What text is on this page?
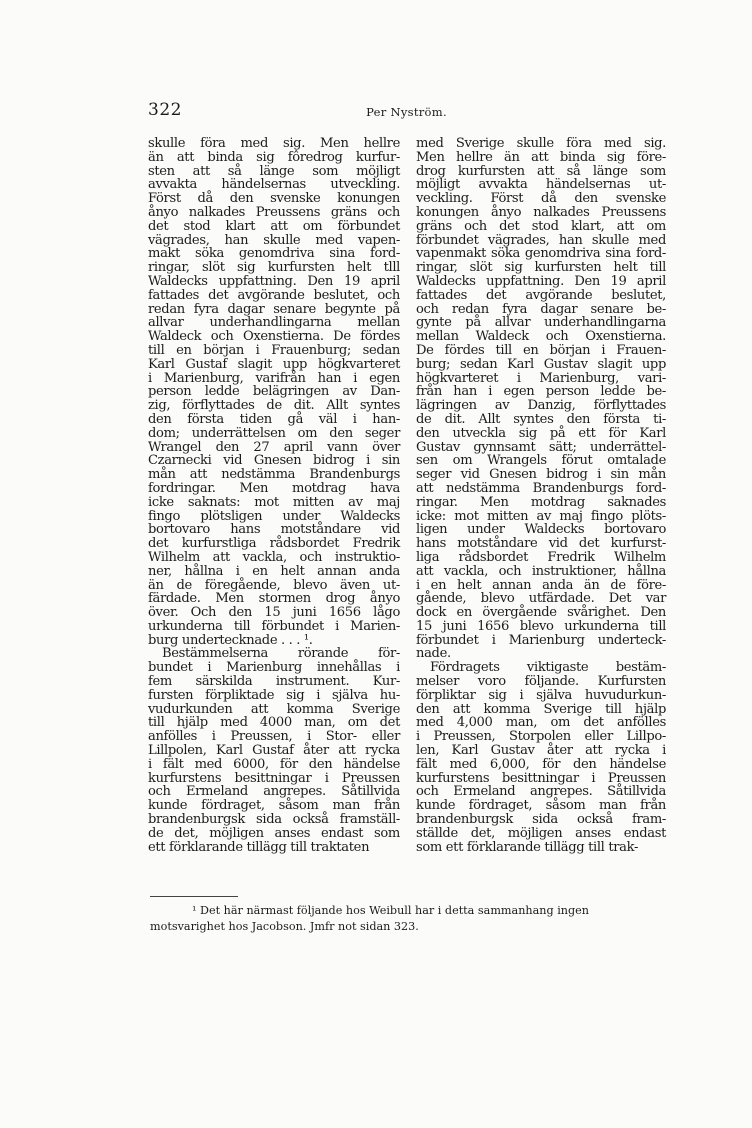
322	Per Nyström.
skulle föra med sig. Men hellre
än att binda sig fôredrog kurfur-
sten att så länge som möjligt
avvakta händelsernas utveckling.
Först då den svenske konungen
ånyo nalkades Preussens gräns och
det stod klart att om förbundet
vägrades, han skulle med vapen-
makt söka genomdriva sina ford-
ringar, slöt sig kurfursten helt tlll
Waldecks uppfattning. Den 19 april
fattades det avgörande beslutet, och
redan fyra dagar senare begynte på
allvar underhandlingarna mellan
Waldeck och Oxenstierna. De fördes
till en början i Frauenburg; sedan
Karl Gustaf slagit upp högkvarteret
i Marienburg, varifrån han i egen
person ledde belägringen av Dan-
zig, förflyttades de dit. Allt syntes
den första tiden gå väl i han-
dom; underrättelsen om den seger
Wrangel den 27 april vann över
Czarnecki vid Gnesen bidrog i sin
mån att nedstämma Brandenburgs
fordringar. Men motdrag hava
icke saknats: mot mitten av maj
fingo plötsligen under Waldecks
bortovaro hans motståndare vid
det kurfurstliga rådsbordet Fredrik
Wilhelm att vackla, och instruktio-
ner, hållna i en helt annan anda
än de föregående, blevo även ut-
färdade. Men stormen drog ånyo
över. Och den 15 juni 1656 lågo
urkunderna till förbundet i Marien-
burg undertecknade . . . ¹.
Bestämmelserna rörande för-
bundet i Marienburg innehållas i
fem särskilda instrument. Kur-
fursten förpliktade sig i själva hu-
vudurkunden att komma Sverige
till hjälp med 4000 man, om det
anfölles i Preussen, i Stor- eller
Lillpolen, Karl Gustaf åter att rycka
i fält med 6000, för den händelse
kurfurstens besittningar i Preussen
och Ermeland angrepes. Såtillvida
kunde fördraget, såsom man från
brandenburgsk sida också framställ-
de det, möjligen anses endast som
ett förklarande tillägg till traktaten
med Sverige skulle föra med sig.
Men hellre än att binda sig före-
drog kurfursten att så länge som
möjligt avvakta händelsernas ut-
veckling. Först då den svenske
konungen ånyo nalkades Preussens
gräns och det stod klart, att om
förbundet vägrades, han skulle med
vapenmakt söka genomdriva sina ford-
ringar, slöt sig kurfursten helt till
Waldecks uppfattning. Den 19 april
fattades det avgörande beslutet,
och redan fyra dagar senare be-
gynte på allvar underhandlingarna
mellan Waldeck och Oxenstierna.
De fördes till en början i Frauen-
burg; sedan Karl Gustav slagit upp
högkvarteret i Marienburg, vari-
från han i egen person ledde be-
lägringen av Danzig, förflyttades
de dit. Allt syntes den första ti-
den utveckla sig på ett för Karl
Gustav gynnsamt sätt; underrättel-
sen om Wrangels förut omtalade
seger vid Gnesen bidrog i sin mån
att nedstämma Brandenburgs ford-
ringar. Men motdrag saknades
icke: mot mitten av maj fingo plöts-
ligen under Waldecks bortovaro
hans motståndare vid det kurfurst-
liga rådsbordet Fredrik Wilhelm
att vackla, och instruktioner, hållna
i en helt annan anda än de före-
gående, blevo utfärdade. Det var
dock en övergående svårighet. Den
15 juni 1656 blevo urkunderna till
förbundet i Marienburg underteck-
nade.
Fördragets viktigaste bestäm-
melser voro följande. Kurfursten
förpliktar sig i själva huvudurkun-
den att komma Sverige till hjälp
med 4,000 man, om det anfölles
i Preussen, Storpolen eller Lillpo-
len, Karl Gustav åter att rycka i
fält med 6,000, för den händelse
kurfurstens besittningar i Preussen
och Ermeland angrepes. Såtillvida
kunde fördraget, såsom man från
brandenburgsk sida också fram-
ställde det, möjligen anses endast
som ett förklarande tillägg till trak-
¹ Det här närmast följande hos Weibull har i detta sammanhang ingen
motsvarighet hos Jacobson. Jmfr not sidan 323.
